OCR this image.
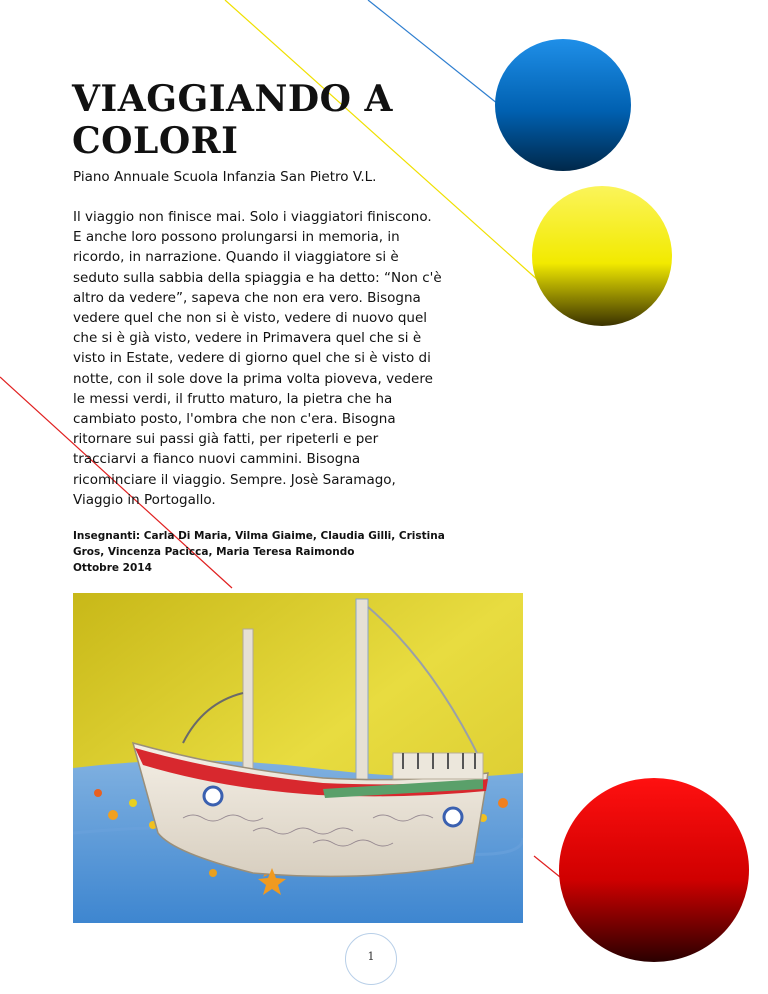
VIAGGIANDO A
COLORI
Piano Annuale Scuola Infanzia San Pietro V.L.
Il viaggio non finisce mai. Solo i viaggiatori finiscono.
E anche loro possono prolungarsi in memoria, in
ricordo, in narrazione. Quando il viaggiatore si è
seduto sulla sabbia della spiaggia e ha detto: “Non c'è
altro da vedere”, sapeva che non era vero. Bisogna
vedere quel che non si è visto, vedere di nuovo quel
che si è già visto, vedere in Primavera quel che si è
visto in Estate, vedere di giorno quel che si è visto di
notte, con il sole dove la prima volta pioveva, vedere
le messi verdi, il frutto maturo, la pietra che ha
cambiato posto, l'ombra che non c'era. Bisogna
ritornare sui passi già fatti, per ripeterli e per
tracciarvi a fianco nuovi cammini. Bisogna
ricominciare il viaggio. Sempre. Josè Saramago,
Viaggio in Portogallo.
Insegnanti: Carla Di Maria, Vilma Giaime, Claudia Gilli, Cristina
Gros, Vincenza Pacicca, Maria Teresa Raimondo
Ottobre 2014
1
